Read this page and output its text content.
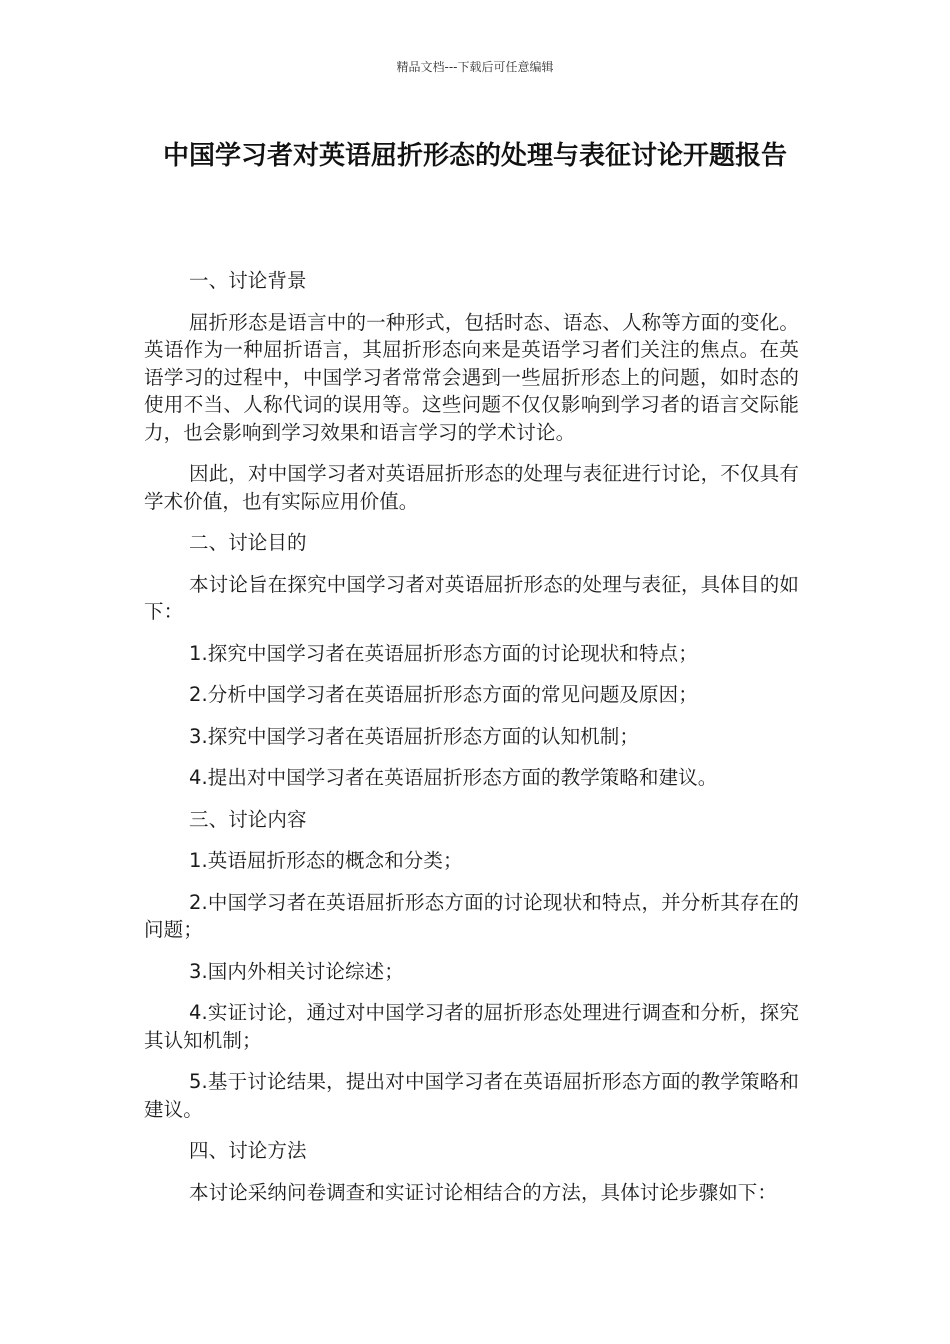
精品文档---下载后可任意编辑
中国学习者对英语屈折形态的处理与表征讨论开题报告

一、讨论背景

屈折形态是语言中的一种形式，包括时态、语态、人称等方面的变化。英语作为一种屈折语言，其屈折形态向来是英语学习者们关注的焦点。在英语学习的过程中，中国学习者常常会遇到一些屈折形态上的问题，如时态的使用不当、人称代词的误用等。这些问题不仅仅影响到学习者的语言交际能力，也会影响到学习效果和语言学习的学术讨论。

因此，对中国学习者对英语屈折形态的处理与表征进行讨论，不仅具有学术价值，也有实际应用价值。

二、讨论目的

本讨论旨在探究中国学习者对英语屈折形态的处理与表征，具体目的如下：

1.探究中国学习者在英语屈折形态方面的讨论现状和特点；

2.分析中国学习者在英语屈折形态方面的常见问题及原因；

3.探究中国学习者在英语屈折形态方面的认知机制；

4.提出对中国学习者在英语屈折形态方面的教学策略和建议。

三、讨论内容

1.英语屈折形态的概念和分类；

2.中国学习者在英语屈折形态方面的讨论现状和特点，并分析其存在的问题；

3.国内外相关讨论综述；

4.实证讨论，通过对中国学习者的屈折形态处理进行调查和分析，探究其认知机制；

5.基于讨论结果，提出对中国学习者在英语屈折形态方面的教学策略和建议。

四、讨论方法

本讨论采纳问卷调查和实证讨论相结合的方法，具体讨论步骤如下：
